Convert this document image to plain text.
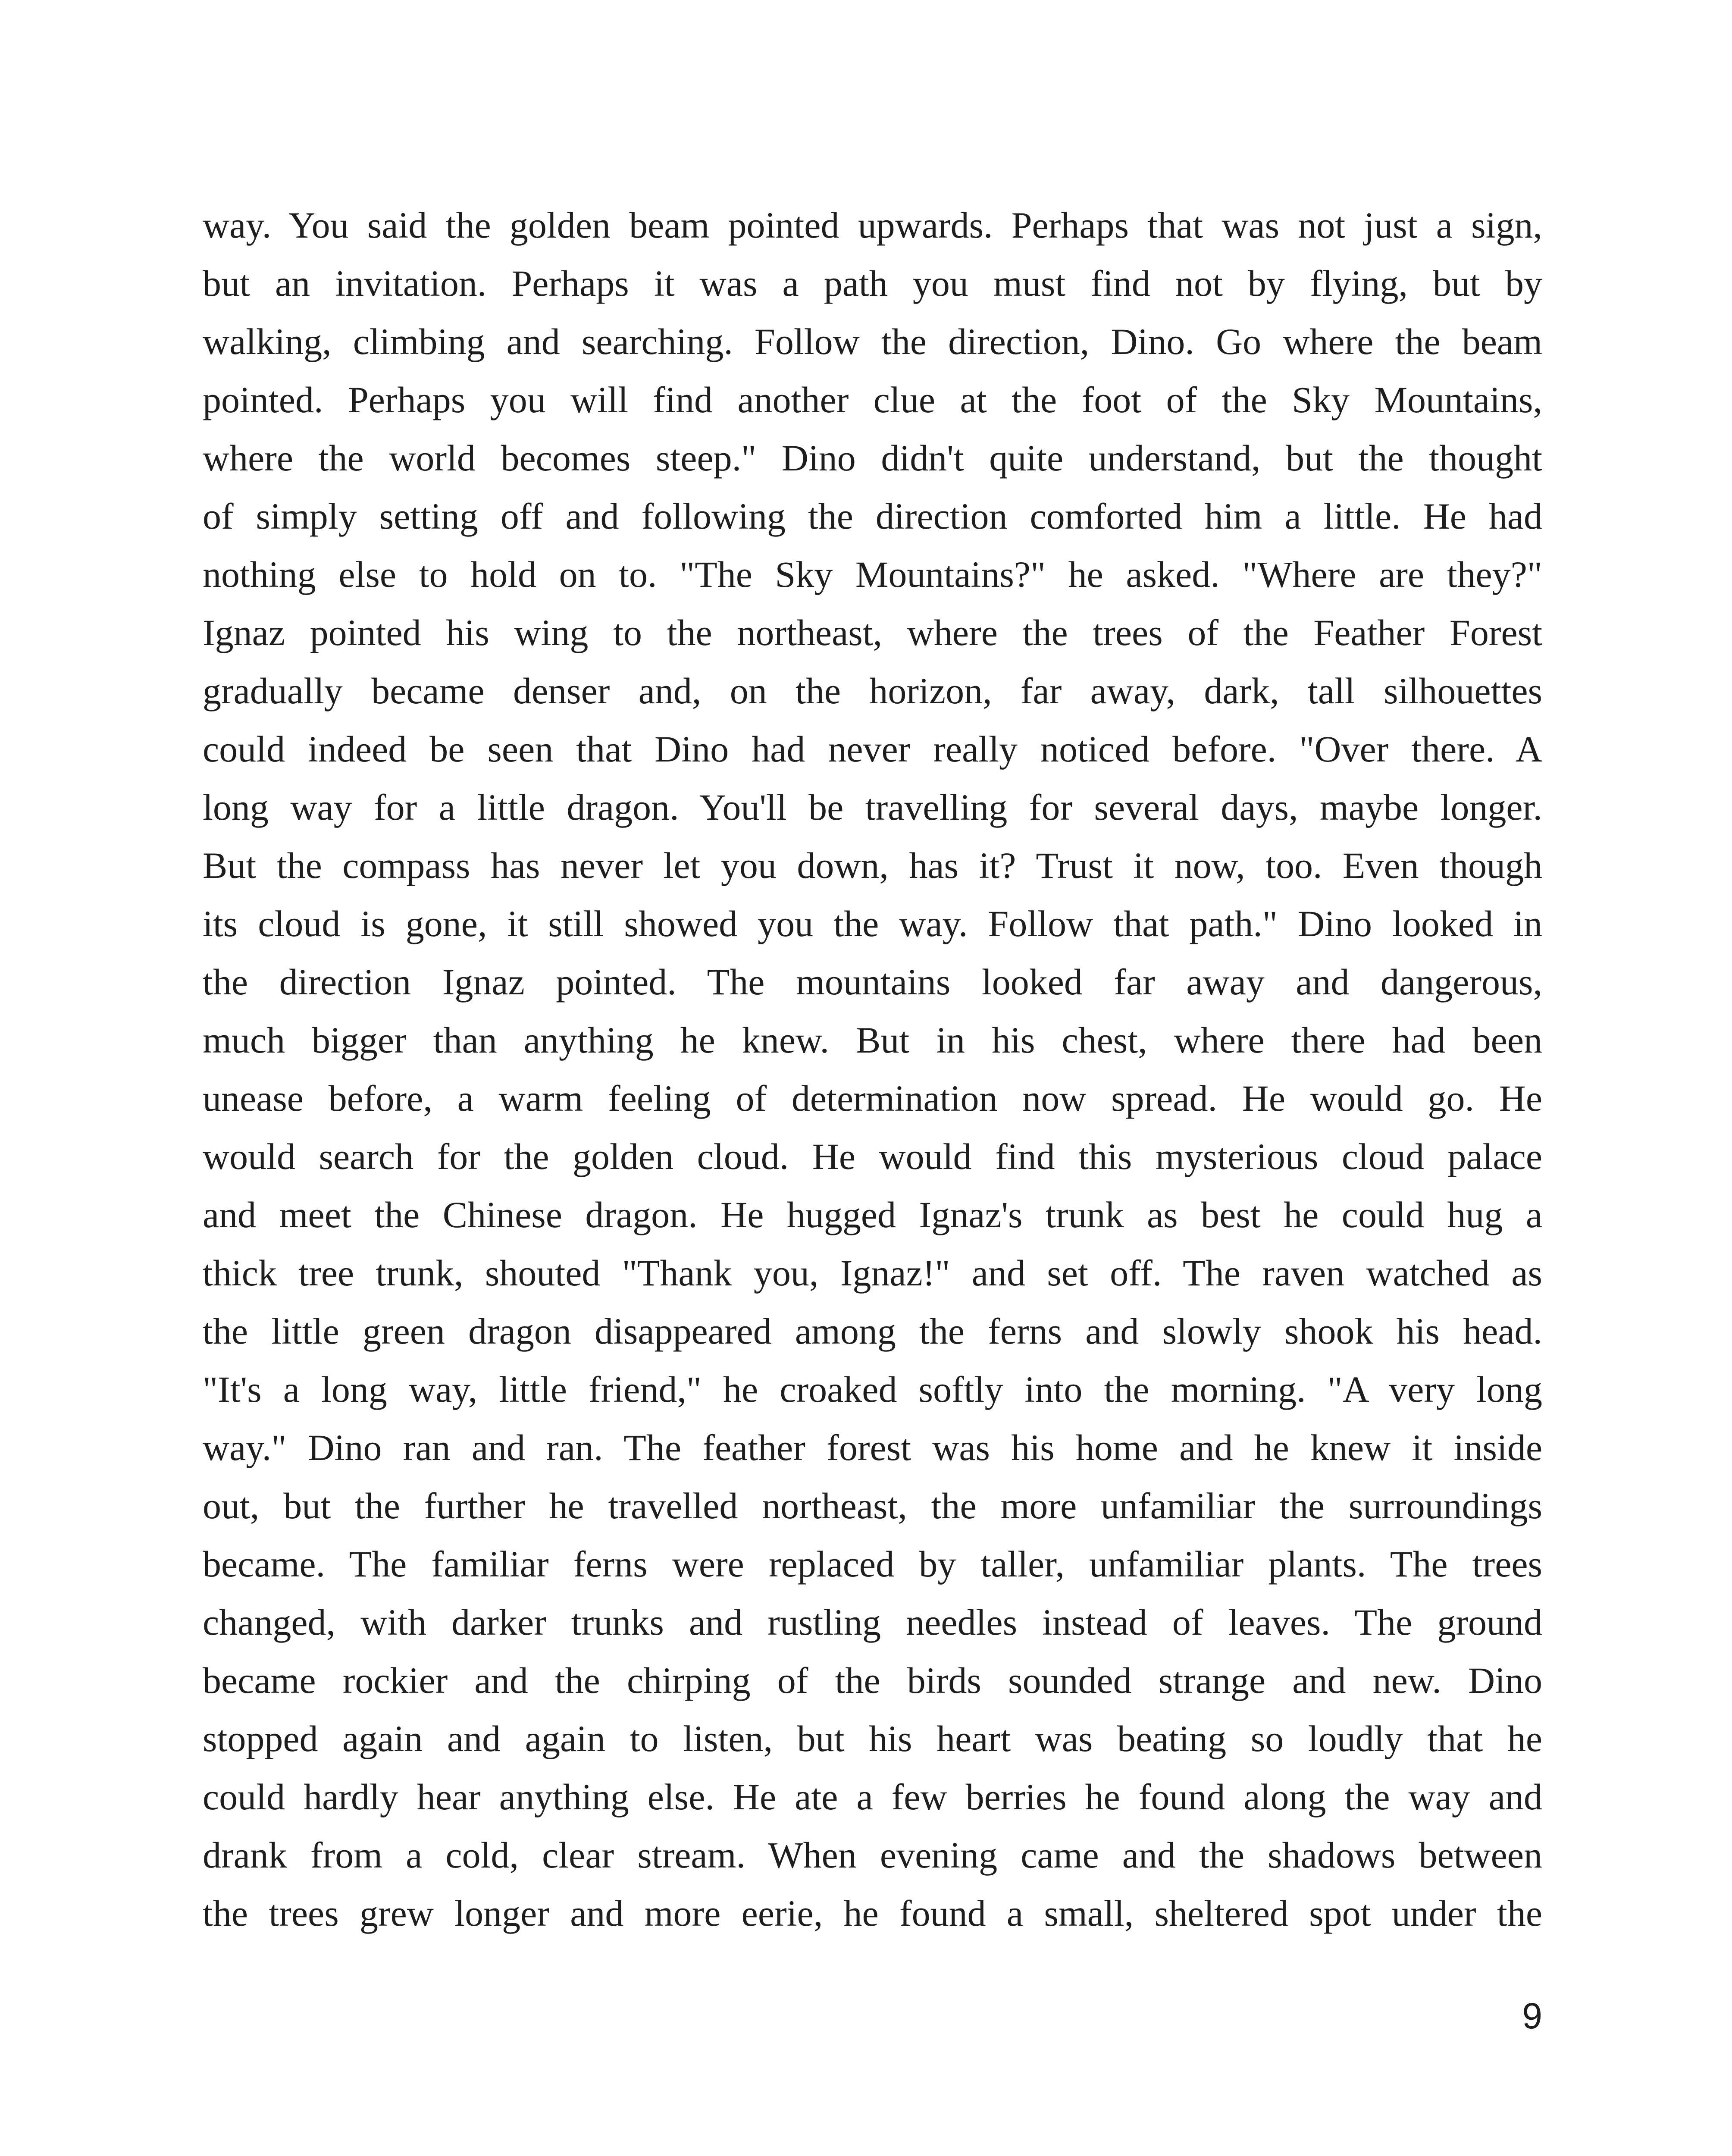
way. You said the golden beam pointed upwards. Perhaps that was not just a sign,
but an invitation. Perhaps it was a path you must find not by flying, but by
walking, climbing and searching. Follow the direction, Dino. Go where the beam
pointed. Perhaps you will find another clue at the foot of the Sky Mountains,
where the world becomes steep." Dino didn't quite understand, but the thought
of simply setting off and following the direction comforted him a little. He had
nothing else to hold on to. "The Sky Mountains?" he asked. "Where are they?"
Ignaz pointed his wing to the northeast, where the trees of the Feather Forest
gradually became denser and, on the horizon, far away, dark, tall silhouettes
could indeed be seen that Dino had never really noticed before. "Over there. A
long way for a little dragon. You'll be travelling for several days, maybe longer.
But the compass has never let you down, has it? Trust it now, too. Even though
its cloud is gone, it still showed you the way. Follow that path." Dino looked in
the direction Ignaz pointed. The mountains looked far away and dangerous,
much bigger than anything he knew. But in his chest, where there had been
unease before, a warm feeling of determination now spread. He would go. He
would search for the golden cloud. He would find this mysterious cloud palace
and meet the Chinese dragon. He hugged Ignaz's trunk as best he could hug a
thick tree trunk, shouted "Thank you, Ignaz!" and set off. The raven watched as
the little green dragon disappeared among the ferns and slowly shook his head.
"It's a long way, little friend," he croaked softly into the morning. "A very long
way." Dino ran and ran. The feather forest was his home and he knew it inside
out, but the further he travelled northeast, the more unfamiliar the surroundings
became. The familiar ferns were replaced by taller, unfamiliar plants. The trees
changed, with darker trunks and rustling needles instead of leaves. The ground
became rockier and the chirping of the birds sounded strange and new. Dino
stopped again and again to listen, but his heart was beating so loudly that he
could hardly hear anything else. He ate a few berries he found along the way and
drank from a cold, clear stream. When evening came and the shadows between
the trees grew longer and more eerie, he found a small, sheltered spot under the
9
